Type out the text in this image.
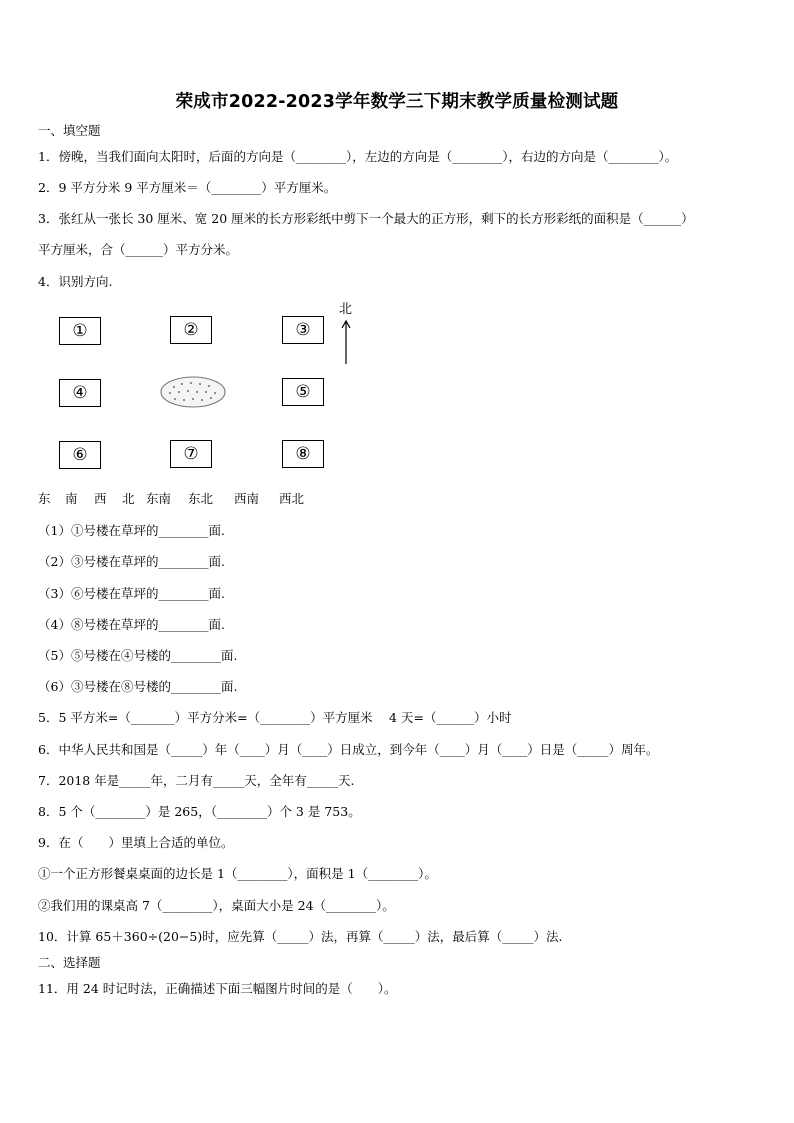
荣成市2022-2023学年数学三下期末教学质量检测试题
一、填空题
1．傍晚，当我们面向太阳时，后面的方向是（________），左边的方向是（________），右边的方向是（________）。
2．9 平方分米 9 平方厘米＝（________）平方厘米。
3．张红从一张长 30 厘米、宽 20 厘米的长方形彩纸中剪下一个最大的正方形，剩下的长方形彩纸的面积是（______）
平方厘米，合（______）平方分米。
4．识别方向.
北
①	②	③
④	⑤
⑥	⑦	⑧
东 南 西 北 东南 东北 西南 西北
（1）①号楼在草坪的________面.
（2）③号楼在草坪的________面.
（3）⑥号楼在草坪的________面.
（4）⑧号楼在草坪的________面.
（5）⑤号楼在④号楼的________面.
（6）③号楼在⑧号楼的________面.
5．5 平方米=（_______）平方分米=（________）平方厘米　 4 天=（______）小时
6．中华人民共和国是（_____）年（____）月（____）日成立，到今年（____）月（____）日是（_____）周年。
7．2018 年是_____年，二月有_____天，全年有_____天.
8．5 个（________）是 265，（________）个 3 是 753。
9．在（　　）里填上合适的单位。
①一个正方形餐桌桌面的边长是 1（________），面积是 1（________）。
②我们用的课桌高 7（________），桌面大小是 24（________）。
10．计算 65＋360÷(20−5)时，应先算（_____）法，再算（_____）法，最后算（_____）法.
二、选择题
11．用 24 时记时法，正确描述下面三幅图片时间的是（　　）。
